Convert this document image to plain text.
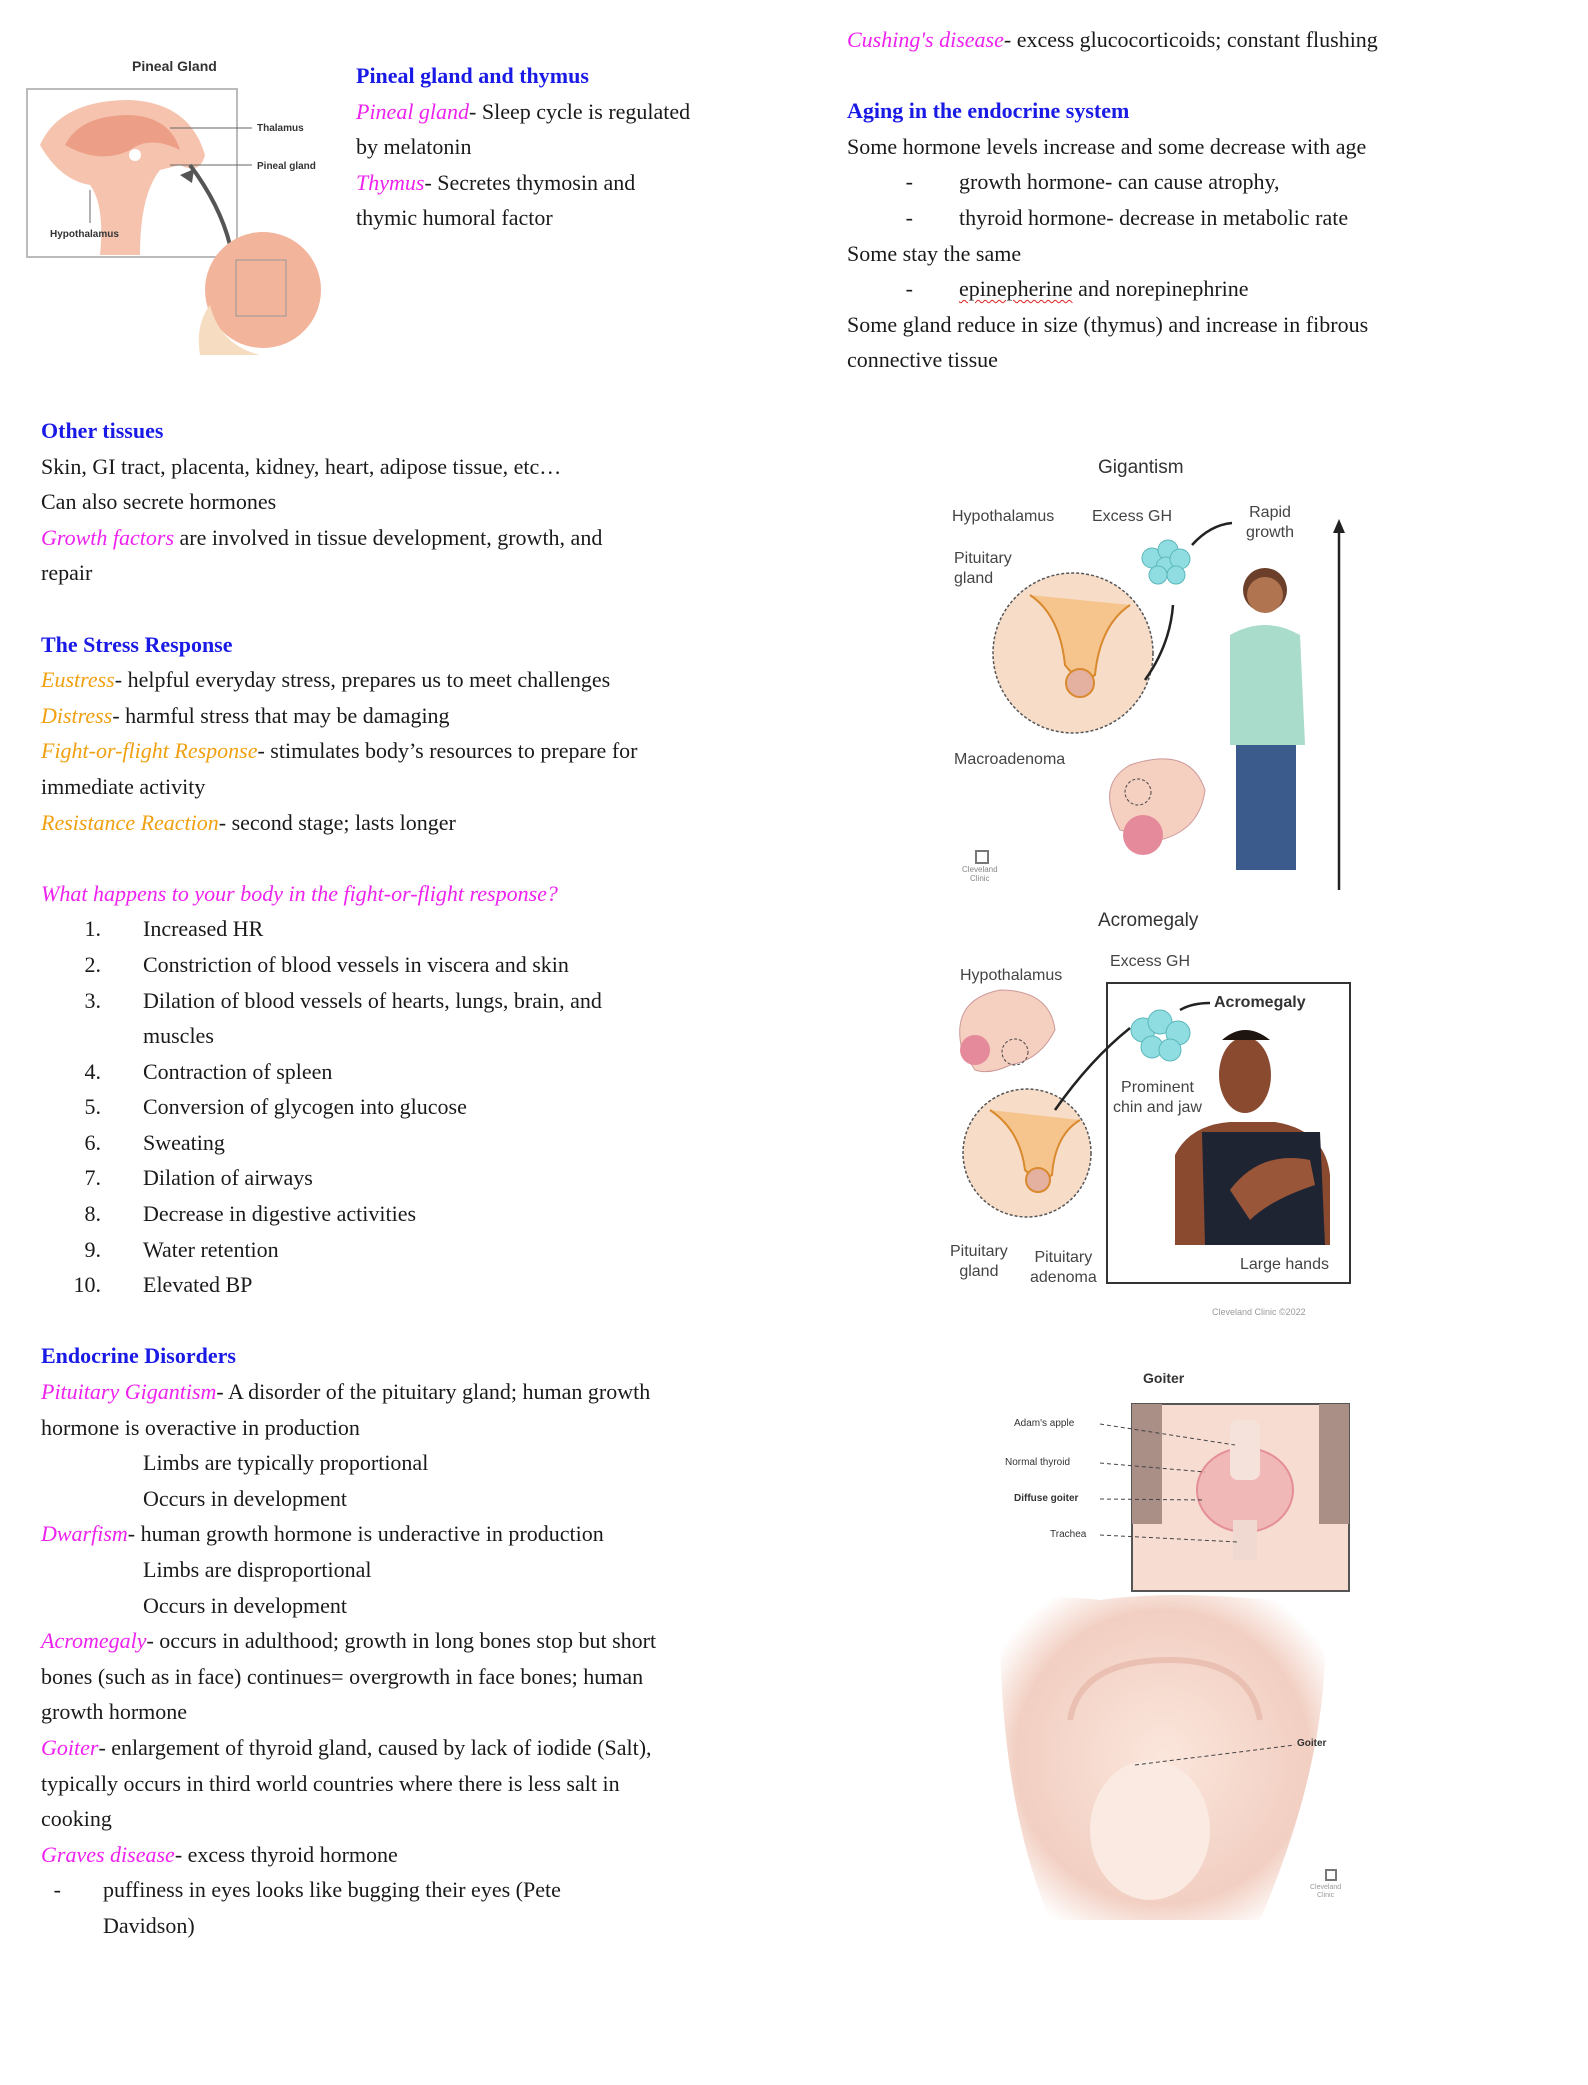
Pineal Gland
Thalamus
Pineal gland
Hypothalamus

Pineal gland and thymus

Pineal gland- Sleep cycle is regulated
by melatonin

Thymus- Secretes thymosin and
thymic humoral factor

Cushing's disease- excess glucocorticoids; constant flushing

Aging in the endocrine system

Some hormone levels increase and some decrease with age

-	growth hormone- can cause atrophy,
-	thyroid hormone- decrease in metabolic rate

Some stay the same

-	epinepherine and norepinephrine

Some gland reduce in size (thymus) and increase in fibrous
connective tissue

Other tissues

Skin, GI tract, placenta, kidney, heart, adipose tissue, etc…

Can also secrete hormones

Growth factors are involved in tissue development, growth, and
repair

The Stress Response

Eustress- helpful everyday stress, prepares us to meet challenges

Distress- harmful stress that may be damaging

Fight-or-flight Response- stimulates body’s resources to prepare for
immediate activity

Resistance Reaction- second stage; lasts longer

What happens to your body in the fight-or-flight response?

1.	Increased HR
2.	Constriction of blood vessels in viscera and skin
3.	Dilation of blood vessels of hearts, lungs, brain, and
muscles
4.	Contraction of spleen
5.	Conversion of glycogen into glucose
6.	Sweating
7.	Dilation of airways
8.	Decrease in digestive activities
9.	Water retention
10.	Elevated BP

Endocrine Disorders

Pituitary Gigantism- A disorder of the pituitary gland; human growth
hormone is overactive in production

Limbs are typically proportional

Occurs in development

Dwarfism- human growth hormone is underactive in production

Limbs are disproportional

Occurs in development

Acromegaly- occurs in adulthood; growth in long bones stop but short
bones (such as in face) continues= overgrowth in face bones; human
growth hormone

Goiter- enlargement of thyroid gland, caused by lack of iodide (Salt),
typically occurs in third world countries where there is less salt in
cooking

Graves disease- excess thyroid hormone

-	puffiness in eyes looks like bugging their eyes (Pete
Davidson)
Gigantism
Hypothalamus Excess GH	Rapid
growth
Pituitary
gland
Macroadenoma
Cleveland
Clinic
Acromegaly
Hypothalamus
Excess GH
Acromegaly
Prominent
chin and jaw
Large hands
Pituitary
gland
Pituitary
adenoma
Cleveland Clinic ©2022
Goiter
Adam's apple
Normal thyroid
Diffuse goiter
Trachea
Goiter
Cleveland
Clinic
